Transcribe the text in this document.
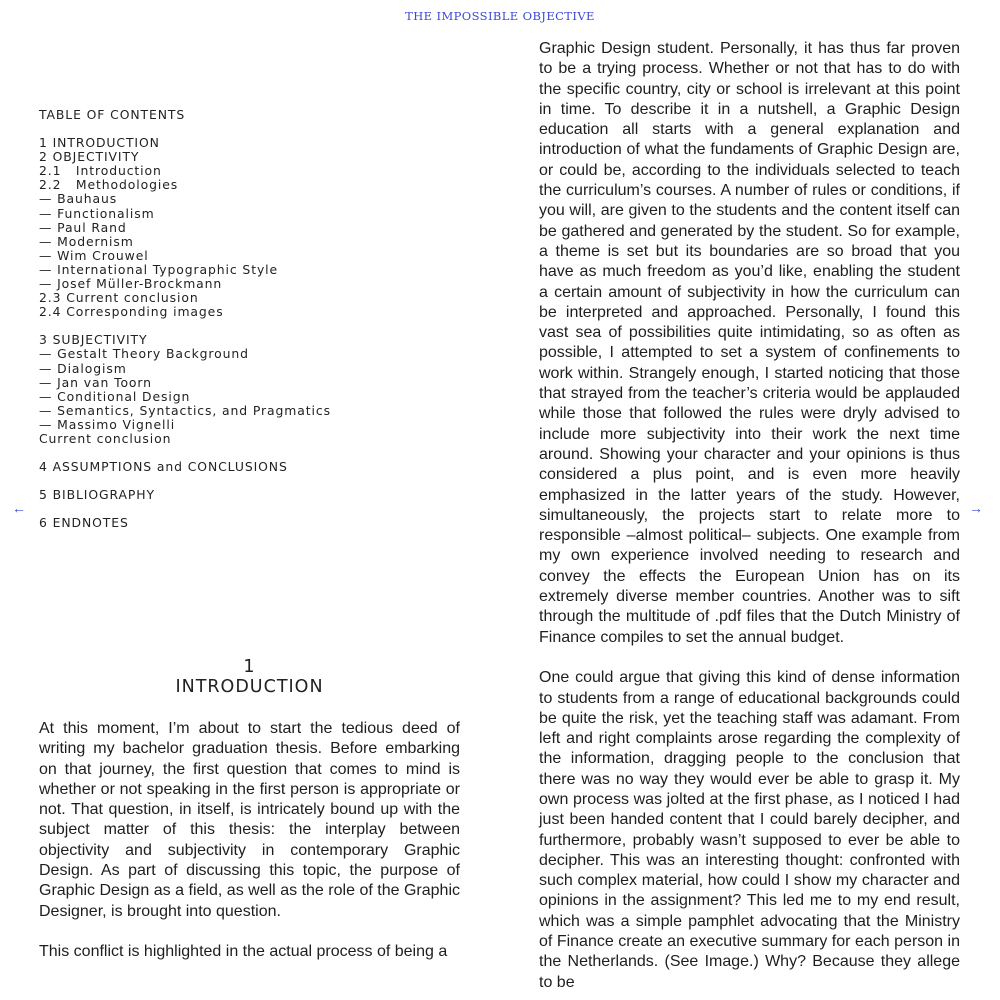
THE IMPOSSIBLE OBJECTIVE
←	→
TABLE OF CONTENTS
1 INTRODUCTION
2 OBJECTIVITY
2.1   Introduction
2.2   Methodologies
— Bauhaus
— Functionalism
— Paul Rand
— Modernism
— Wim Crouwel
— International Typographic Style
— Josef Müller-Brockmann
2.3 Current conclusion
2.4 Corresponding images
3 SUBJECTIVITY
— Gestalt Theory Background
— Dialogism
— Jan van Toorn
— Conditional Design
— Semantics, Syntactics, and Pragmatics
— Massimo Vignelli
Current conclusion
4 ASSUMPTIONS and CONCLUSIONS
5 BIBLIOGRAPHY
6 ENDNOTES
1
INTRODUCTION

At this moment, I’m about to start the tedious deed of writing my bachelor graduation thesis. Before embarking on that journey, the first question that comes to mind is whether or not speaking in the first person is appropriate or not. That question, in itself, is intricately bound up with the subject matter of this thesis: the interplay between objectivity and subjectivity in contemporary Graphic Design. As part of discussing this topic, the purpose of Graphic Design as a field, as well as the role of the Graphic Designer, is brought into question.

This conflict is highlighted in the actual process of being a

Graphic Design student. Personally, it has thus far proven to be a trying process. Whether or not that has to do with the specific country, city or school is irrelevant at this point in time. To describe it in a nutshell, a Graphic Design education all starts with a general explanation and introduction of what the fundaments of Graphic Design are, or could be, according to the individuals selected to teach the curriculum’s courses. A number of rules or conditions, if you will, are given to the students and the content itself can be gathered and generated by the student. So for example, a theme is set but its boundaries are so broad that you have as much freedom as you’d like, enabling the student a certain amount of subjectivity in how the curriculum can be interpreted and approached. Personally, I found this vast sea of possibilities quite intimidating, so as often as possible, I attempted to set a system of confinements to work within. Strangely enough, I started noticing that those that strayed from the teacher’s criteria would be applauded while those that followed the rules were dryly advised to include more subjectivity into their work the next time around. Showing your character and your opinions is thus considered a plus point, and is even more heavily emphasized in the latter years of the study. However, simultaneously, the projects start to relate more to responsible –almost political– subjects. One example from my own experience involved needing to research and convey the effects the European Union has on its extremely diverse member countries. Another was to sift through the multitude of .pdf files that the Dutch Ministry of Finance compiles to set the annual budget.

One could argue that giving this kind of dense information to students from a range of educational backgrounds could be quite the risk, yet the teaching staff was adamant. From left and right complaints arose regarding the complexity of the information, dragging people to the conclusion that there was no way they would ever be able to grasp it. My own process was jolted at the first phase, as I noticed I had just been handed content that I could barely decipher, and furthermore, probably wasn’t supposed to ever be able to decipher. This was an interesting thought: confronted with such complex material, how could I show my character and opinions in the assignment? This led me to my end result, which was a simple pamphlet advocating that the Ministry of Finance create an executive summary for each person in the Netherlands. (See Image.) Why? Because they allege to be
